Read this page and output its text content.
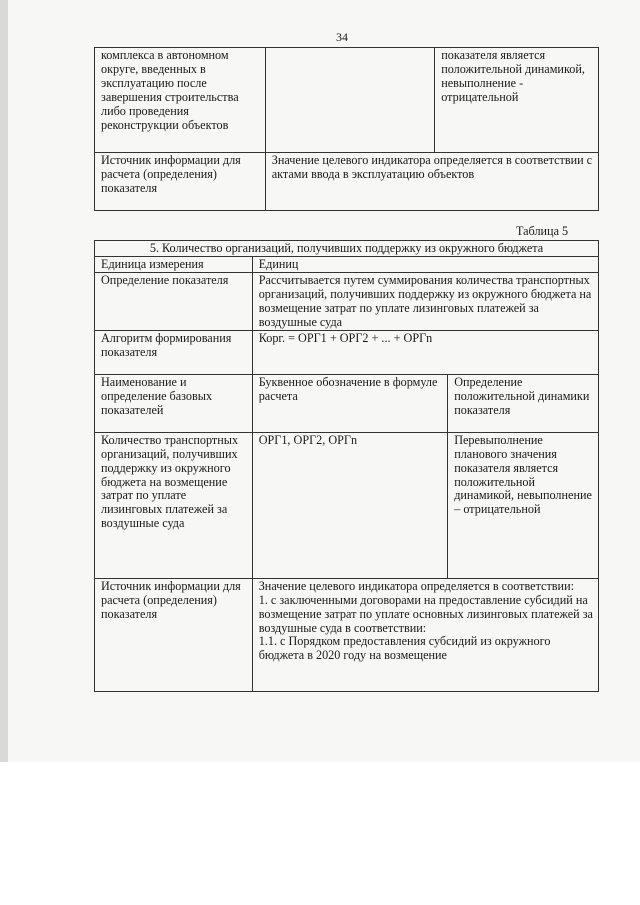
34
комплекса в автономном округе, введенных в эксплуатацию после завершения строительства либо проведения реконструкции объектов		показателя является положительной динамикой, невыполнение - отрицательной
Источник информации для расчета (определения) показателя	Значение целевого индикатора определяется в соответствии с актами ввода в эксплуатацию объектов	
Таблица 5
5. Количество организаций, получивших поддержку из окружного бюджета		
Единица измерения	Единиц	
Определение показателя	Рассчитывается путем суммирования количества транспортных организаций, получивших поддержку из окружного бюджета на возмещение затрат по уплате лизинговых платежей за воздушные суда	
Алгоритм формирования показателя	Корг. = ОРГ1 + ОРГ2 + ... + ОРГn	
Наименование и определение базовых показателей	Буквенное обозначение в формуле расчета	Определение положительной динамики показателя
Количество транспортных организаций, получивших поддержку из окружного бюджета на возмещение затрат по уплате лизинговых платежей за воздушные суда	ОРГ1, ОРГ2, ОРГn	Перевыполнение планового значения показателя является положительной динамикой, невыполнение – отрицательной
Источник информации для расчета (определения) показателя	Значение целевого индикатора определяется в соответствии:
1. с заключенными договорами на предоставление субсидий на возмещение затрат по уплате основных лизинговых платежей за воздушные суда в соответствии:
1.1. с Порядком предоставления субсидий из окружного бюджета в 2020 году на возмещение	
